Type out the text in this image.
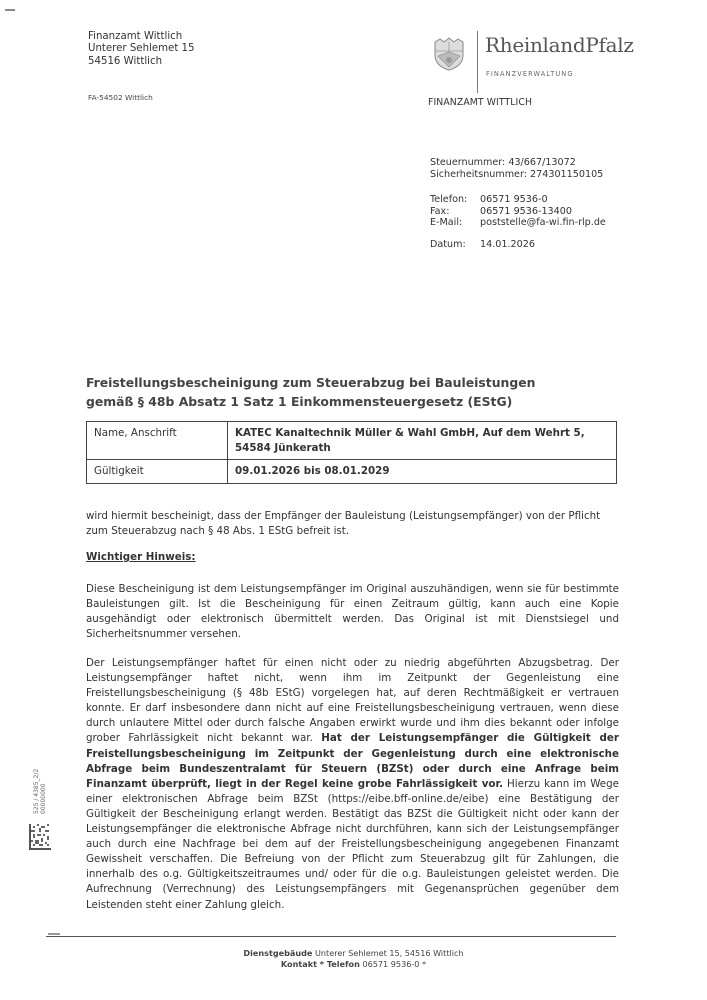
Finanzamt Wittlich
Unterer Sehlemet 15
54516 Wittlich
FA-54502 Wittlich
RheinlandPfalz
FINANZVERWALTUNG
FINANZAMT WITTLICH
Steuernummer: 43/667/13072
Sicherheitsnummer: 274301150105
Telefon:	06571 9536-0
Fax:	06571 9536-13400
E-Mail:	poststelle@fa-wi.fin-rlp.de
Datum:	14.01.2026
Freistellungsbescheinigung zum Steuerabzug bei Bauleistungen
gemäß § 48b Absatz 1 Satz 1 Einkommensteuergesetz (EStG)
Name, Anschrift	KATEC Kanaltechnik Müller & Wahl GmbH, Auf dem Wehrt 5, 54584 Jünkerath
Gültigkeit	09.01.2026 bis 08.01.2029
wird hiermit bescheinigt, dass der Empfänger der Bauleistung (Leistungsempfänger) von der Pflicht zum Steuerabzug nach § 48 Abs. 1 EStG befreit ist.
Wichtiger Hinweis:
Diese Bescheinigung ist dem Leistungsempfänger im Original auszuhändigen, wenn sie für bestimmte Bauleistungen gilt. Ist die Bescheinigung für einen Zeitraum gültig, kann auch eine Kopie ausgehändigt oder elektronisch übermittelt werden. Das Original ist mit Dienstsiegel und Sicherheitsnummer versehen.
Der Leistungsempfänger haftet für einen nicht oder zu niedrig abgeführten Abzugsbetrag. Der Leistungsempfänger haftet nicht, wenn ihm im Zeitpunkt der Gegenleistung eine Freistellungsbescheinigung (§ 48b EStG) vorgelegen hat, auf deren Rechtmäßigkeit er vertrauen konnte. Er darf insbesondere dann nicht auf eine Freistellungsbescheinigung vertrauen, wenn diese durch unlautere Mittel oder durch falsche Angaben erwirkt wurde und ihm dies bekannt oder infolge grober Fahrlässigkeit nicht bekannt war. Hat der Leistungsempfänger die Gültigkeit der Freistellungsbescheinigung im Zeitpunkt der Gegenleistung durch eine elektronische Abfrage beim Bundeszentralamt für Steuern (BZSt) oder durch eine Anfrage beim Finanzamt überprüft, liegt in der Regel keine grobe Fahrlässigkeit vor. Hierzu kann im Wege einer elektronischen Abfrage beim BZSt (https://eibe.bff-online.de/eibe) eine Bestätigung der Gültigkeit der Bescheinigung erlangt werden. Bestätigt das BZSt die Gültigkeit nicht oder kann der Leistungsempfänger die elektronische Abfrage nicht durchführen, kann sich der Leistungsempfänger auch durch eine Nachfrage bei dem auf der Freistellungsbescheinigung angegebenen Finanzamt Gewissheit verschaffen. Die Befreiung von der Pflicht zum Steuerabzug gilt für Zahlungen, die innerhalb des o.g. Gültigkeitszeitraumes und/ oder für die o.g. Bauleistungen geleistet werden. Die Aufrechnung (Verrechnung) des Leistungsempfängers mit Gegenansprüchen gegenüber dem Leistenden steht einer Zahlung gleich.
525 / 4385_2/2 00000000
Dienstgebäude Unterer Sehlemet 15, 54516 Wittlich
Kontakt * Telefon 06571 9536-0 *
